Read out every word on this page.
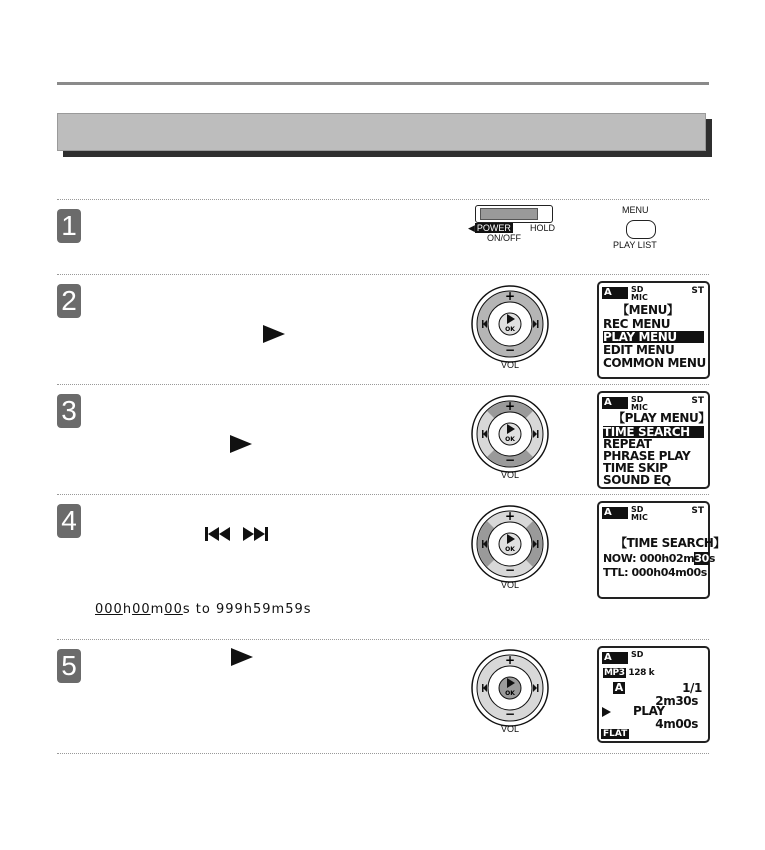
1
2
3
4
5
000h00m00s to 999h59m59s
◀ POWER HOLD
ON/OFF
MENU
PLAY LIST
+
−
OK
VOL
+
−
OK
VOL
+
−
OK
VOL
+
−
OK
VOL
A	SD
MIC
ST
【MENU】
REC MENU
PLAY MENU
EDIT MENU
COMMON MENU
A	SD
MIC
ST
【PLAY MENU】
TIME SEARCH
REPEAT
PHRASE PLAY
TIME SKIP
SOUND EQ
A	SD
MIC
ST
【TIME SEARCH】
NOW: 000h02m30s
TTL: 000h04m00s
A	SD
MP3 128 k
A	1/1
2m30s
PLAY
4m00s
FLAT
